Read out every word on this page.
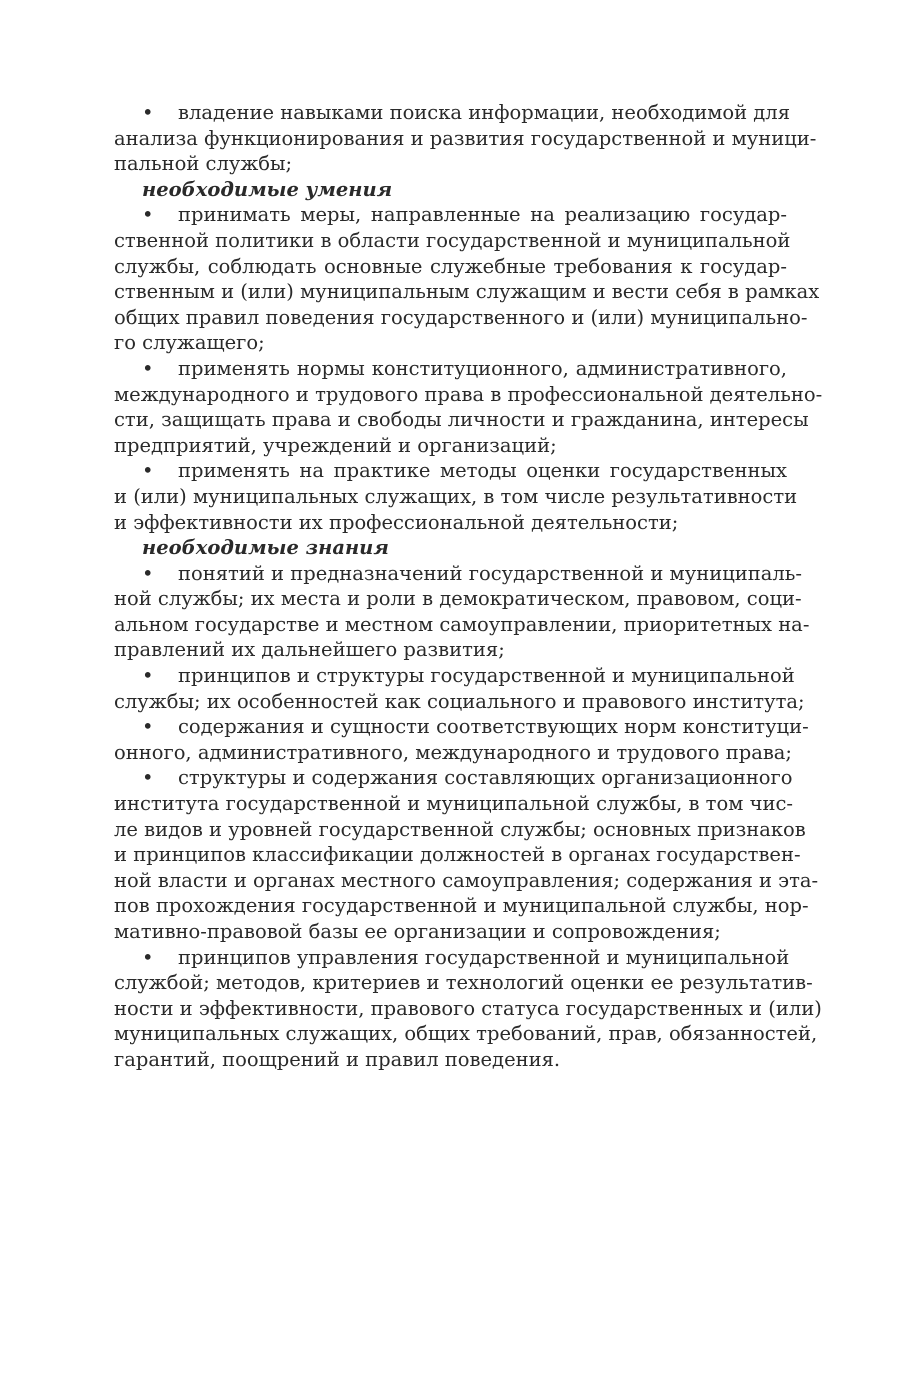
• владение навыками поиска информации, необходимой для
анализа функционирования и развития государственной и муници-
пальной службы;
необходимые умения
• принимать меры, направленные на реализацию государ-
ственной политики в области государственной и муниципальной
службы, соблюдать основные служебные требования к государ-
ственным и (или) муниципальным служащим и вести себя в рамках
общих правил поведения государственного и (или) муниципально-
го служащего;
• применять нормы конституционного, административного,
международного и трудового права в профессиональной деятельно-
сти, защищать права и свободы личности и гражданина, интересы
предприятий, учреждений и организаций;
• применять на практике методы оценки государственных
и (или) муниципальных служащих, в том числе результативности
и эффективности их профессиональной деятельности;
необходимые знания
• понятий и предназначений государственной и муниципаль-
ной службы; их места и роли в демократическом, правовом, соци-
альном государстве и местном самоуправлении, приоритетных на-
правлений их дальнейшего развития;
• принципов и структуры государственной и муниципальной
службы; их особенностей как социального и правового института;
• содержания и сущности соответствующих норм конституци-
онного, административного, международного и трудового права;
• структуры и содержания составляющих организационного
института государственной и муниципальной службы, в том чис-
ле видов и уровней государственной службы; основных признаков
и принципов классификации должностей в органах государствен-
ной власти и органах местного самоуправления; содержания и эта-
пов прохождения государственной и муниципальной службы, нор-
мативно-правовой базы ее организации и сопровождения;
• принципов управления государственной и муниципальной
службой; методов, критериев и технологий оценки ее результатив-
ности и эффективности, правового статуса государственных и (или)
муниципальных служащих, общих требований, прав, обязанностей,
гарантий, поощрений и правил поведения.
